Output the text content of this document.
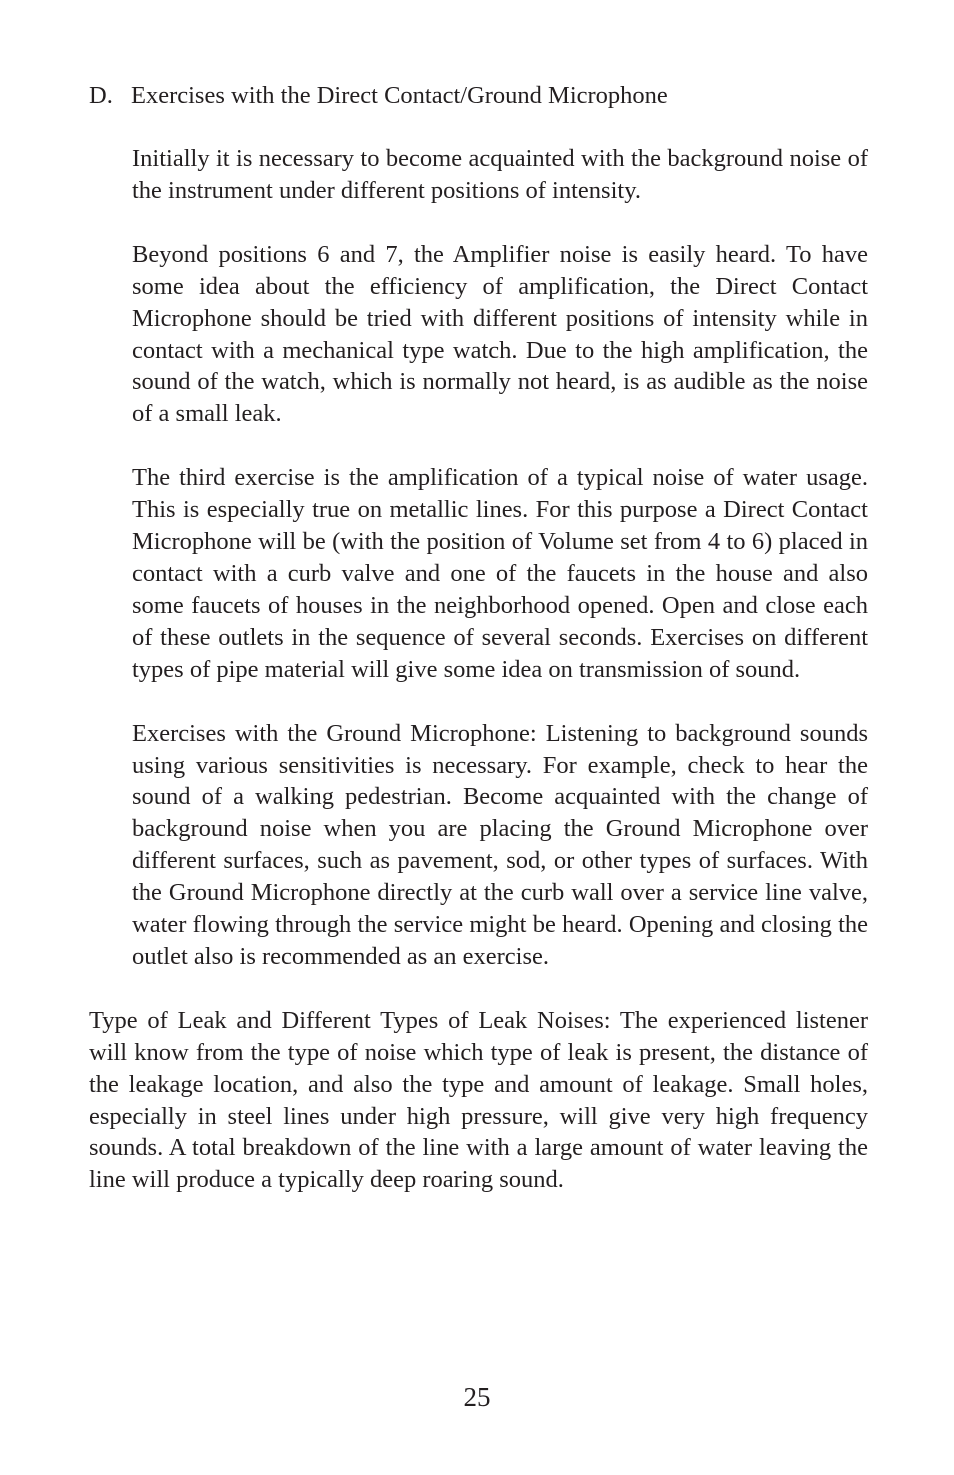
D. Exercises with the Direct Contact/Ground Microphone

Initially it is necessary to become acquainted with the background noise of the instrument under different positions of intensity.

Beyond positions 6 and 7, the Amplifier noise is easily heard. To have some idea about the efficiency of amplification, the Direct Contact Microphone should be tried with different positions of intensity while in contact with a mechanical type watch. Due to the high amplification, the sound of the watch, which is normally not heard, is as audible as the noise of a small leak.

The third exercise is the amplification of a typical noise of water usage. This is especially true on metallic lines. For this purpose a Direct Contact Microphone will be (with the position of Volume set from 4 to 6) placed in contact with a curb valve and one of the faucets in the house and also some faucets of houses in the neighborhood opened. Open and close each of these outlets in the sequence of several seconds. Exercises on different types of pipe material will give some idea on transmission of sound.

Exercises with the Ground Microphone: Listening to background sounds using various sensitivities is necessary. For example, check to hear the sound of a walking pedestrian. Become acquainted with the change of background noise when you are placing the Ground Microphone over different surfaces, such as pavement, sod, or other types of surfaces. With the Ground Microphone directly at the curb wall over a service line valve, water flowing through the service might be heard. Opening and closing the outlet also is recommended as an exercise.

Type of Leak and Different Types of Leak Noises: The experienced listener will know from the type of noise which type of leak is present, the distance of the leakage location, and also the type and amount of leakage. Small holes, especially in steel lines under high pressure, will give very high frequency sounds. A total breakdown of the line with a large amount of water leaving the line will produce a typically deep roaring sound.

25
